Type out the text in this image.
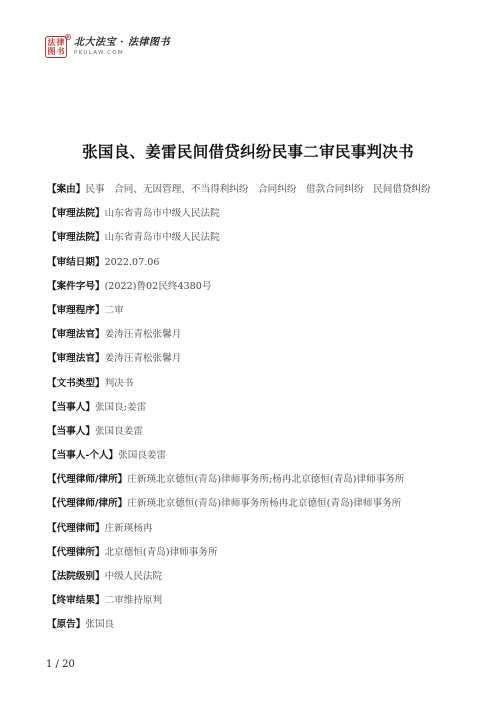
法 律
图 书
® 北大法宝 · 法律图书
PKULAW.COM
张国良、姜雷民间借贷纠纷民事二审民事判决书
【案由】民事　合同、无因管理、不当得利纠纷　合同纠纷　借款合同纠纷　民间借贷纠纷
【审理法院】山东省青岛市中级人民法院
【审理法院】山东省青岛市中级人民法院
【审结日期】2022.07.06
【案件字号】(2022)鲁02民终4380号
【审理程序】二审
【审理法官】姜涛汪青松张馨月
【审理法官】姜涛汪青松张馨月
【文书类型】判决书
【当事人】张国良;姜雷
【当事人】张国良姜雷
【当事人-个人】张国良姜雷
【代理律师/律所】庄新瑛北京德恒(青岛)律师事务所;杨冉北京德恒(青岛)律师事务所
【代理律师/律所】庄新瑛北京德恒(青岛)律师事务所杨冉北京德恒(青岛)律师事务所
【代理律师】庄新瑛杨冉
【代理律所】北京德恒(青岛)律师事务所
【法院级别】中级人民法院
【终审结果】二审维持原判
【原告】张国良
1 / 20
